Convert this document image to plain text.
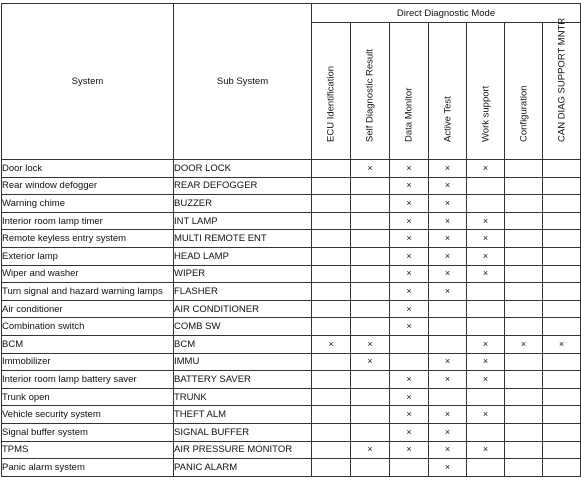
System	Sub System	Direct Diagnostic Mode						

		ECU Identification	Self Diagnostic Result	Data Monitor	Active Test	Work support	Configuration	CAN DIAG SUPPORT MNTR

Door lock	DOOR LOCK		×	×	×	×		
Rear window defogger	REAR DEFOGGER			×	×			
Warning chime	BUZZER			×	×			
Interior room lamp timer	INT LAMP			×	×	×		
Remote keyless entry system	MULTI REMOTE ENT			×	×	×		
Exterior lamp	HEAD LAMP			×	×	×		
Wiper and washer	WIPER			×	×	×		
Turn signal and hazard warning lamps	FLASHER			×	×			
Air conditioner	AIR CONDITIONER			×				
Combination switch	COMB SW			×				
BCM	BCM	×	×			×	×	×
Immobilizer	IMMU		×		×	×		
Interior room lamp battery saver	BATTERY SAVER			×	×	×		
Trunk open	TRUNK			×				
Vehicle security system	THEFT ALM			×	×	×		
Signal buffer system	SIGNAL BUFFER			×	×			
TPMS	AIR PRESSURE MONITOR		×	×	×	×		
Panic alarm system	PANIC ALARM				×			
